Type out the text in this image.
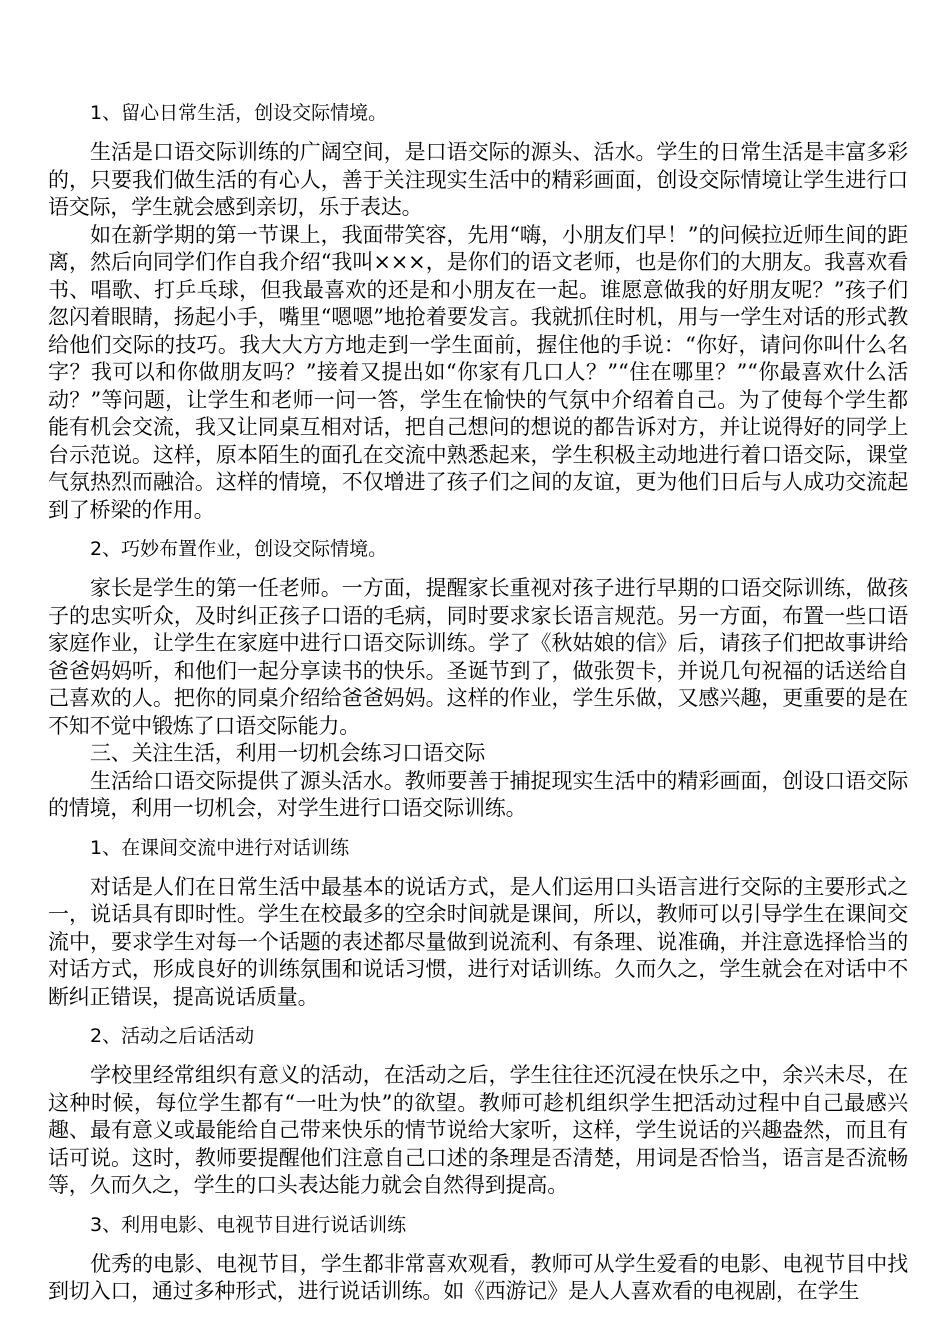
1、留心日常生活，创设交际情境。

生活是口语交际训练的广阔空间，是口语交际的源头、活水。学生的日常生活是丰富多彩的，只要我们做生活的有心人，善于关注现实生活中的精彩画面，创设交际情境让学生进行口语交际，学生就会感到亲切，乐于表达。

如在新学期的第一节课上，我面带笑容，先用“嗨，小朋友们早！”的问候拉近师生间的距离，然后向同学们作自我介绍“我叫×××，是你们的语文老师，也是你们的大朋友。我喜欢看书、唱歌、打乒乓球，但我最喜欢的还是和小朋友在一起。谁愿意做我的好朋友呢？”孩子们忽闪着眼睛，扬起小手，嘴里“嗯嗯”地抢着要发言。我就抓住时机，用与一学生对话的形式教给他们交际的技巧。我大大方方地走到一学生面前，握住他的手说：“你好，请问你叫什么名字？我可以和你做朋友吗？”接着又提出如“你家有几口人？”“住在哪里？”“你最喜欢什么活动？”等问题，让学生和老师一问一答，学生在愉快的气氛中介绍着自己。为了使每个学生都能有机会交流，我又让同桌互相对话，把自己想问的想说的都告诉对方，并让说得好的同学上台示范说。这样，原本陌生的面孔在交流中熟悉起来，学生积极主动地进行着口语交际，课堂气氛热烈而融洽。这样的情境，不仅增进了孩子们之间的友谊，更为他们日后与人成功交流起到了桥梁的作用。

2、巧妙布置作业，创设交际情境。

家长是学生的第一任老师。一方面，提醒家长重视对孩子进行早期的口语交际训练，做孩子的忠实听众，及时纠正孩子口语的毛病，同时要求家长语言规范。另一方面，布置一些口语家庭作业，让学生在家庭中进行口语交际训练。学了《秋姑娘的信》后，请孩子们把故事讲给爸爸妈妈听，和他们一起分享读书的快乐。圣诞节到了，做张贺卡，并说几句祝福的话送给自己喜欢的人。把你的同桌介绍给爸爸妈妈。这样的作业，学生乐做，又感兴趣，更重要的是在不知不觉中锻炼了口语交际能力。

三、关注生活，利用一切机会练习口语交际

生活给口语交际提供了源头活水。教师要善于捕捉现实生活中的精彩画面，创设口语交际的情境，利用一切机会，对学生进行口语交际训练。

1、在课间交流中进行对话训练

对话是人们在日常生活中最基本的说话方式，是人们运用口头语言进行交际的主要形式之一，说话具有即时性。学生在校最多的空余时间就是课间，所以，教师可以引导学生在课间交流中，要求学生对每一个话题的表述都尽量做到说流利、有条理、说准确，并注意选择恰当的对话方式，形成良好的训练氛围和说话习惯，进行对话训练。久而久之，学生就会在对话中不断纠正错误，提高说话质量。

2、活动之后话活动

学校里经常组织有意义的活动，在活动之后，学生往往还沉浸在快乐之中，余兴未尽，在这种时候，每位学生都有“一吐为快”的欲望。教师可趁机组织学生把活动过程中自己最感兴趣、最有意义或最能给自己带来快乐的情节说给大家听，这样，学生说话的兴趣盎然，而且有话可说。这时，教师要提醒他们注意自己口述的条理是否清楚，用词是否恰当，语言是否流畅等，久而久之，学生的口头表达能力就会自然得到提高。

3、利用电影、电视节目进行说话训练

优秀的电影、电视节目，学生都非常喜欢观看，教师可从学生爱看的电影、电视节目中找到切入口，通过多种形式，进行说话训练。如《西游记》是人人喜欢看的电视剧，在学生
